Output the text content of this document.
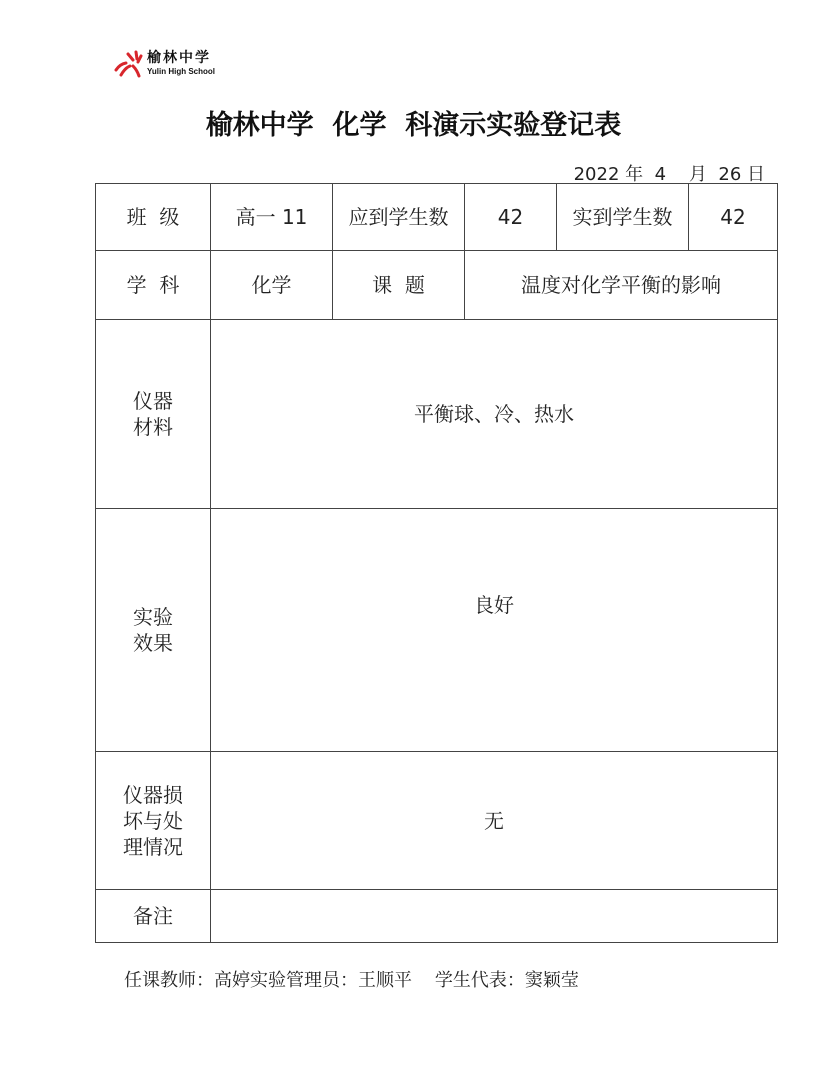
榆林中学
Yulin High School
榆林中学  化学  科演示实验登记表
2022 年  4    月  26 日
班  级	高一 11	应到学生数	42	实到学生数	42
学  科	化学	课  题	温度对化学平衡的影响		
仪器
材料	平衡球、冷、热水				
实验
效果	良好				
仪器损
坏与处
理情况	无				
备注					
任课教师：高婷实验管理员：王顺平    学生代表：窦颖莹
